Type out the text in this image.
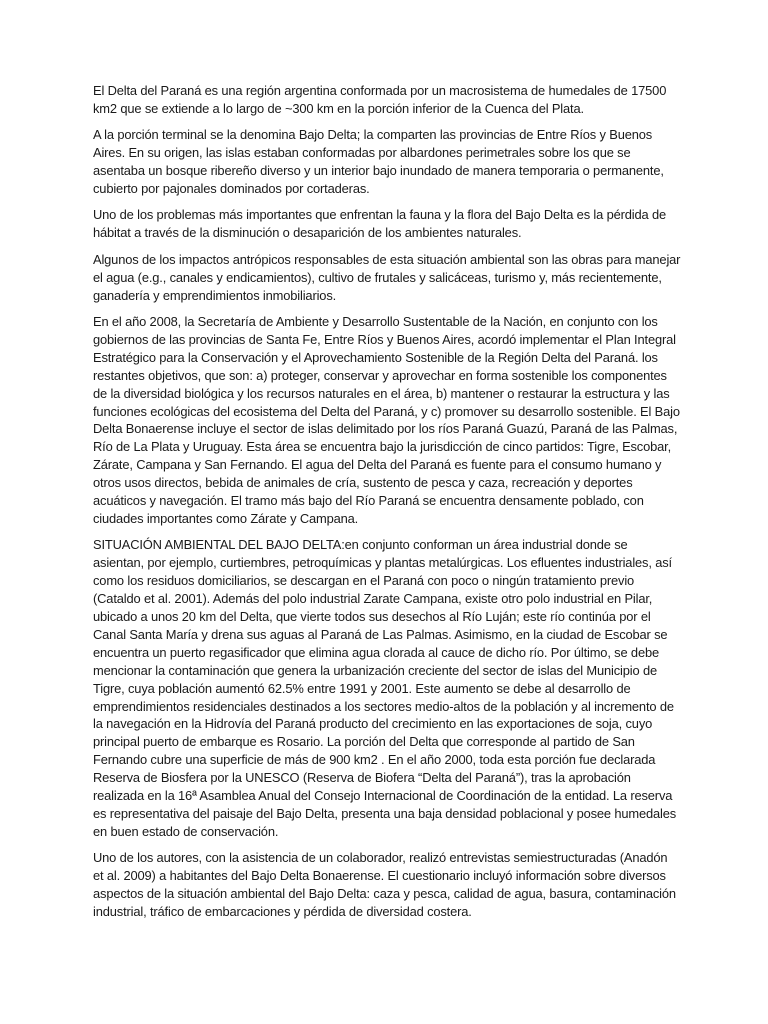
El Delta del Paraná es una región argentina conformada por un macrosistema de humedales de 17500 km2 que se extiende a lo largo de ~300 km en la porción inferior de la Cuenca del Plata.

A la porción terminal se la denomina Bajo Delta; la comparten las provincias de Entre Ríos y Buenos Aires. En su origen, las islas estaban conformadas por albardones perimetrales sobre los que se asentaba un bosque ribereño diverso y un interior bajo inundado de manera temporaria o permanente, cubierto por pajonales dominados por cortaderas.

Uno de los problemas más importantes que enfrentan la fauna y la flora del Bajo Delta es la pérdida de hábitat a través de la disminución o desaparición de los ambientes naturales.

Algunos de los impactos antrópicos responsables de esta situación ambiental son las obras para manejar el agua (e.g., canales y endicamientos), cultivo de frutales y salicáceas, turismo y, más recientemente, ganadería y emprendimientos inmobiliarios.

En el año 2008, la Secretaría de Ambiente y Desarrollo Sustentable de la Nación, en conjunto con los gobiernos de las provincias de Santa Fe, Entre Ríos y Buenos Aires, acordó implementar el Plan Integral Estratégico para la Conservación y el Aprovechamiento Sostenible de la Región Delta del Paraná. los restantes objetivos, que son: a) proteger, conservar y aprovechar en forma sostenible los componentes de la diversidad biológica y los recursos naturales en el área, b) mantener o restaurar la estructura y las funciones ecológicas del ecosistema del Delta del Paraná, y c) promover su desarrollo sostenible. El Bajo Delta Bonaerense incluye el sector de islas delimitado por los ríos Paraná Guazú, Paraná de las Palmas, Río de La Plata y Uruguay. Esta área se encuentra bajo la jurisdicción de cinco partidos: Tigre, Escobar, Zárate, Campana y San Fernando. El agua del Delta del Paraná es fuente para el consumo humano y otros usos directos, bebida de animales de cría, sustento de pesca y caza, recreación y deportes acuáticos y navegación. El tramo más bajo del Río Paraná se encuentra densamente poblado, con ciudades importantes como Zárate y Campana.

SITUACIÓN AMBIENTAL DEL BAJO DELTA:en conjunto conforman un área industrial donde se asientan, por ejemplo, curtiembres, petroquímicas y plantas metalúrgicas. Los efluentes industriales, así como los residuos domiciliarios, se descargan en el Paraná con poco o ningún tratamiento previo (Cataldo et al. 2001). Además del polo industrial Zarate Campana, existe otro polo industrial en Pilar, ubicado a unos 20 km del Delta, que vierte todos sus desechos al Río Luján; este río continúa por el Canal Santa María y drena sus aguas al Paraná de Las Palmas. Asimismo, en la ciudad de Escobar se encuentra un puerto regasificador que elimina agua clorada al cauce de dicho río. Por último, se debe mencionar la contaminación que genera la urbanización creciente del sector de islas del Municipio de Tigre, cuya población aumentó 62.5% entre 1991 y 2001. Este aumento se debe al desarrollo de emprendimientos residenciales destinados a los sectores medio-altos de la población y al incremento de la navegación en la Hidrovía del Paraná producto del crecimiento en las exportaciones de soja, cuyo principal puerto de embarque es Rosario. La porción del Delta que corresponde al partido de San Fernando cubre una superficie de más de 900 km2 . En el año 2000, toda esta porción fue declarada Reserva de Biosfera por la UNESCO (Reserva de Biofera “Delta del Paraná”), tras la aprobación realizada en la 16ª Asamblea Anual del Consejo Internacional de Coordinación de la entidad. La reserva es representativa del paisaje del Bajo Delta, presenta una baja densidad poblacional y posee humedales en buen estado de conservación.

Uno de los autores, con la asistencia de un colaborador, realizó entrevistas semiestructuradas (Anadón et al. 2009) a habitantes del Bajo Delta Bonaerense. El cuestionario incluyó información sobre diversos aspectos de la situación ambiental del Bajo Delta: caza y pesca, calidad de agua, basura, contaminación industrial, tráfico de embarcaciones y pérdida de diversidad costera.
